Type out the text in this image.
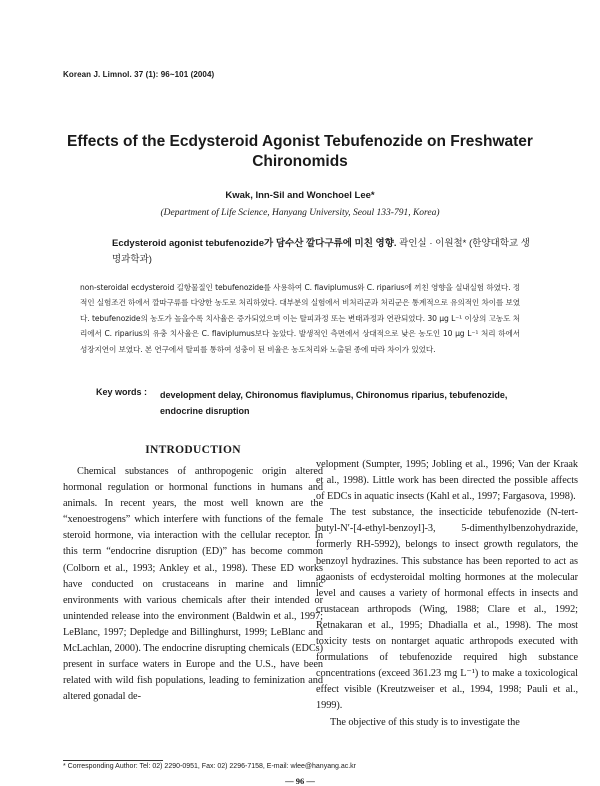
Korean J. Limnol. 37 (1): 96~101 (2004)
Effects of the Ecdysteroid Agonist Tebufenozide on Freshwater Chironomids
Kwak, Inn-Sil and Wonchoel Lee*
(Department of Life Science, Hanyang University, Seoul 133-791, Korea)
Ecdysteroid agonist tebufenozide가 담수산 깔다구류에 미친 영향. 곽인실 · 이원철* (한양대학교 생명과학과)
non-steroidal ecdysteroid 길항물질인 tebufenozide를 사용하여 C. flaviplumus와 C. riparius에 끼친 영향을 실내실험 하였다. 정적인 실험조건 하에서 깔따구류를 다양한 농도로 처리하였다. 대부분의 실험에서 비처리군과 처리군은 통계적으로 유의적인 차이를 보였다. tebufenozide의 농도가 높을수록 치사율은 증가되었으며 이는 탈피과정 또는 변태과정과 연관되었다. 30 μg L⁻¹ 이상의 고농도 처리에서 C. riparius의 유충 치사율은 C. flaviplumus보다 높았다. 발생적인 측면에서 상대적으로 낮은 농도인 10 μg L⁻¹ 처리 하에서 성장지연이 보였다. 본 연구에서 탈피를 통하여 성충이 된 비율은 농도처리와 노출된 종에 따라 차이가 있었다.
Key words : development delay, Chironomus flaviplumus, Chironomus riparius, tebufenozide, endocrine disruption
INTRODUCTION

Chemical substances of anthropogenic origin altered hormonal regulation or hormonal functions in humans and animals. In recent years, the most well known are the “xenoestrogens” which interfere with functions of the female steroid hormone, via interaction with the cellular receptor. In this term “endocrine disruption (ED)” has become common (Colborn et al., 1993; Ankley et al., 1998). These ED works have conducted on crustaceans in marine and limnic environments with various chemicals after their intended or unintended release into the environment (Baldwin et al., 1997; LeBlanc, 1997; Depledge and Billinghurst, 1999; LeBlanc and McLachlan, 2000). The endocrine disrupting chemicals (EDCs) present in surface waters in Europe and the U.S., have been related with wild fish populations, leading to feminization and altered gonadal de-

velopment (Sumpter, 1995; Jobling et al., 1996; Van der Kraak et al., 1998). Little work has been directed the possible affects of EDCs in aquatic insects (Kahl et al., 1997; Fargasova, 1998).

The test substance, the insecticide tebufenozide (N-tert-butyl-N′-[4-ethyl-benzoyl]-3, 5-dimenthylbenzohydrazide, formerly RH-5992), belongs to insect growth regulators, the benzoyl hydrazines. This substance has been reported to act as agaonists of ecdysteroidal molting hormones at the molecular level and causes a variety of hormonal effects in insects and crustacean arthropods (Wing, 1988; Clare et al., 1992; Retnakaran et al., 1995; Dhadialla et al., 1998). The most toxicity tests on nontarget aquatic arthropods executed with formulations of tebufenozide required high substance concentrations (exceed 361.23 mg L⁻¹) to make a toxicological effect visible (Kreutzweiser et al., 1994, 1998; Pauli et al., 1999).

The objective of this study is to investigate the

* Corresponding Author: Tel: 02) 2290-0951, Fax: 02) 2296-7158, E-mail: wlee@hanyang.ac.kr
— 96 —
